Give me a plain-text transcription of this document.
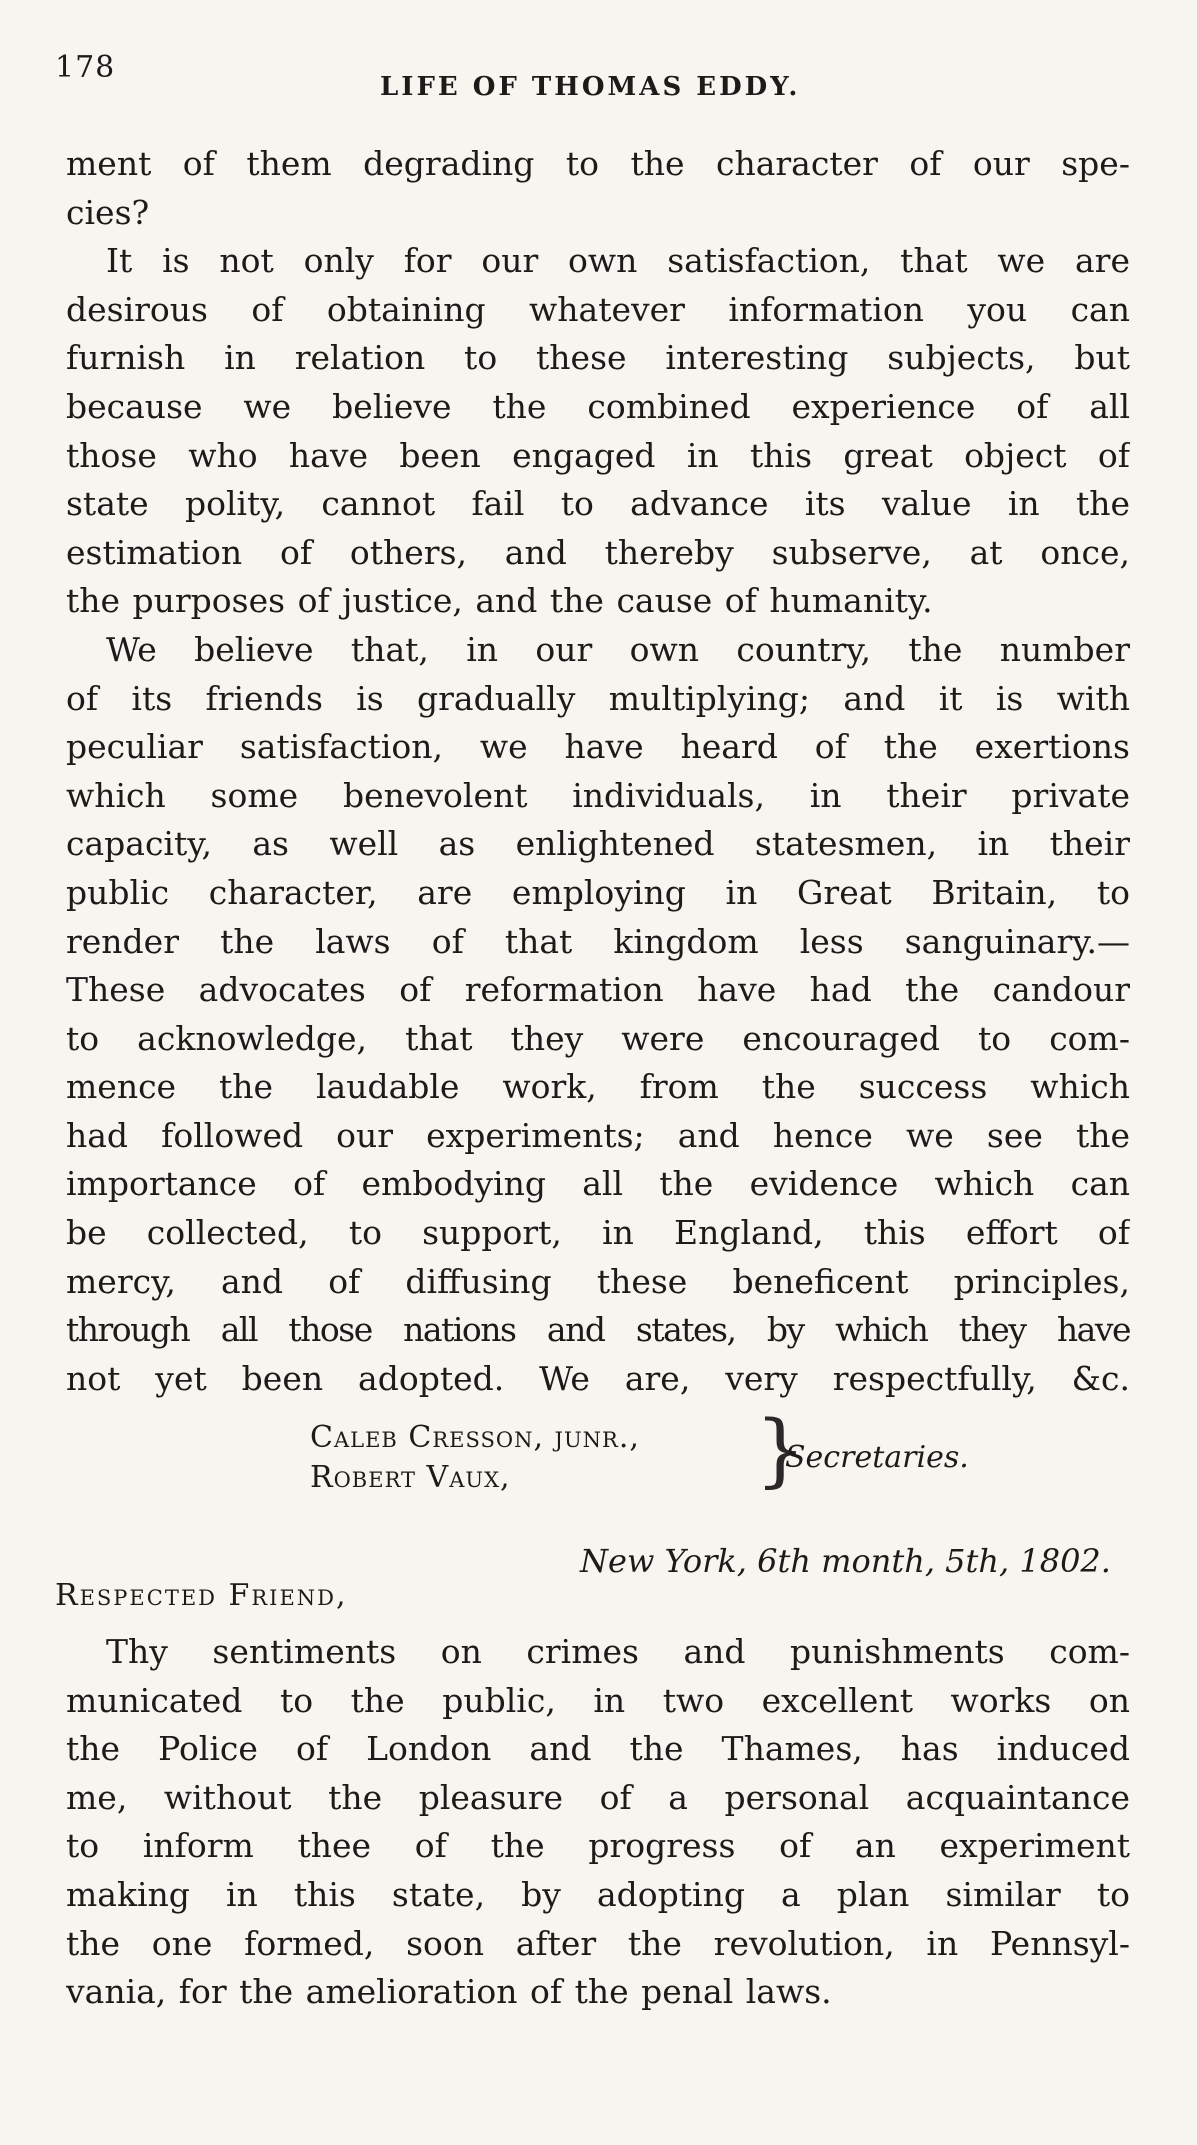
178
LIFE OF THOMAS EDDY.
ment of them degrading to the character of our spe-
cies?
It is not only for our own satisfaction, that we are
desirous of obtaining whatever information you can
furnish in relation to these interesting subjects, but
because we believe the combined experience of all
those who have been engaged in this great object of
state polity, cannot fail to advance its value in the
estimation of others, and thereby subserve, at once,
the purposes of justice, and the cause of humanity.
We believe that, in our own country, the number
of its friends is gradually multiplying; and it is with
peculiar satisfaction, we have heard of the exertions
which some benevolent individuals, in their private
capacity, as well as enlightened statesmen, in their
public character, are employing in Great Britain, to
render the laws of that kingdom less sanguinary.—
These advocates of reformation have had the candour
to acknowledge, that they were encouraged to com-
mence the laudable work, from the success which
had followed our experiments; and hence we see the
importance of embodying all the evidence which can
be collected, to support, in England, this effort of
mercy, and of diffusing these beneficent principles,
through all those nations and states, by which they have
not yet been adopted. We are, very respectfully, &c.
Caleb Cresson, junr.,
Robert Vaux,	}
Secretaries.
New York, 6th month, 5th, 1802.
Respected Friend,
Thy sentiments on crimes and punishments com-
municated to the public, in two excellent works on
the Police of London and the Thames, has induced
me, without the pleasure of a personal acquaintance
to inform thee of the progress of an experiment
making in this state, by adopting a plan similar to
the one formed, soon after the revolution, in Pennsyl-
vania, for the amelioration of the penal laws.
